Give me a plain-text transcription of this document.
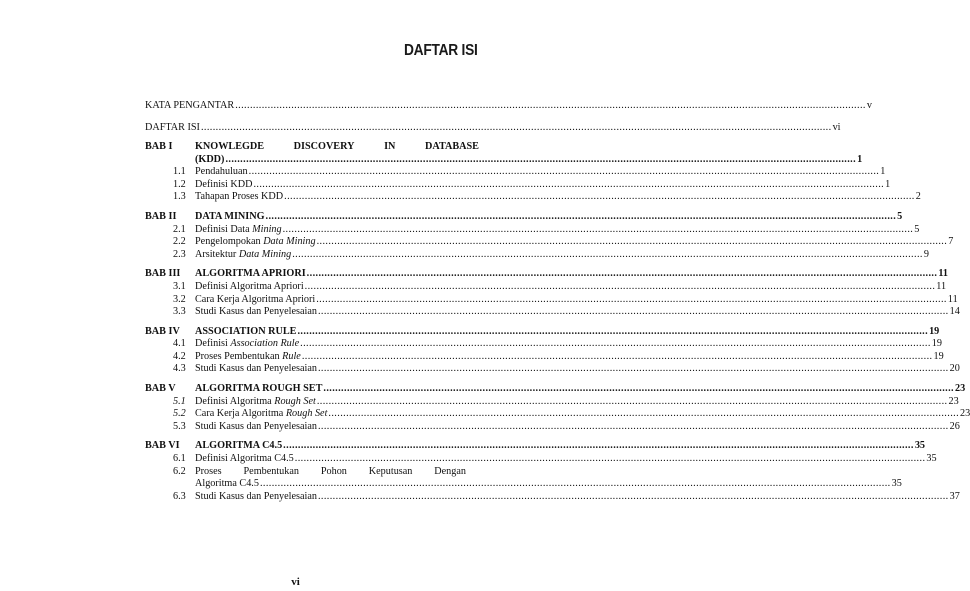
DAFTAR ISI
KATA PENGANTAR .....	v
DAFTAR ISI .....	vi
BAB I	KNOWLEGDE	DISCOVERY	IN	DATABASE
(KDD) .....	1
1.1 Pendahuluan .....	1
1.2 Definisi KDD .....	1
1.3 Tahapan Proses KDD .....	2
BAB II	DATA MINING .....	5
2.1 Definisi Data Mining .....	5
2.2 Pengelompokan Data Mining .....	7
2.3 Arsitektur Data Mining .....	9
BAB III	ALGORITMA APRIORI .....	11
3.1 Definisi Algoritma Apriori .....	11
3.2 Cara Kerja Algoritma Apriori .....	11
3.3 Studi Kasus dan Penyelesaian .....	14
BAB IV	ASSOCIATION RULE .....	19
4.1 Definisi Association Rule .....	19
4.2 Proses Pembentukan Rule .....	19
4.3 Studi Kasus dan Penyelesaian .....	20
BAB V	ALGORITMA ROUGH SET .....	23
5.1 Definisi Algoritma Rough Set .....	23
5.2 Cara Kerja Algoritma Rough Set .....	23
5.3 Studi Kasus dan Penyelesaian .....	26
BAB VI	ALGORITMA C4.5 .....	35
6.1 Definisi Algoritma C4.5 .....	35
6.2 Proses Pembentukan Pohon Keputusan Dengan
Algoritma C4.5 .....	35
6.3 Studi Kasus dan Penyelesaian .....	37
vi
